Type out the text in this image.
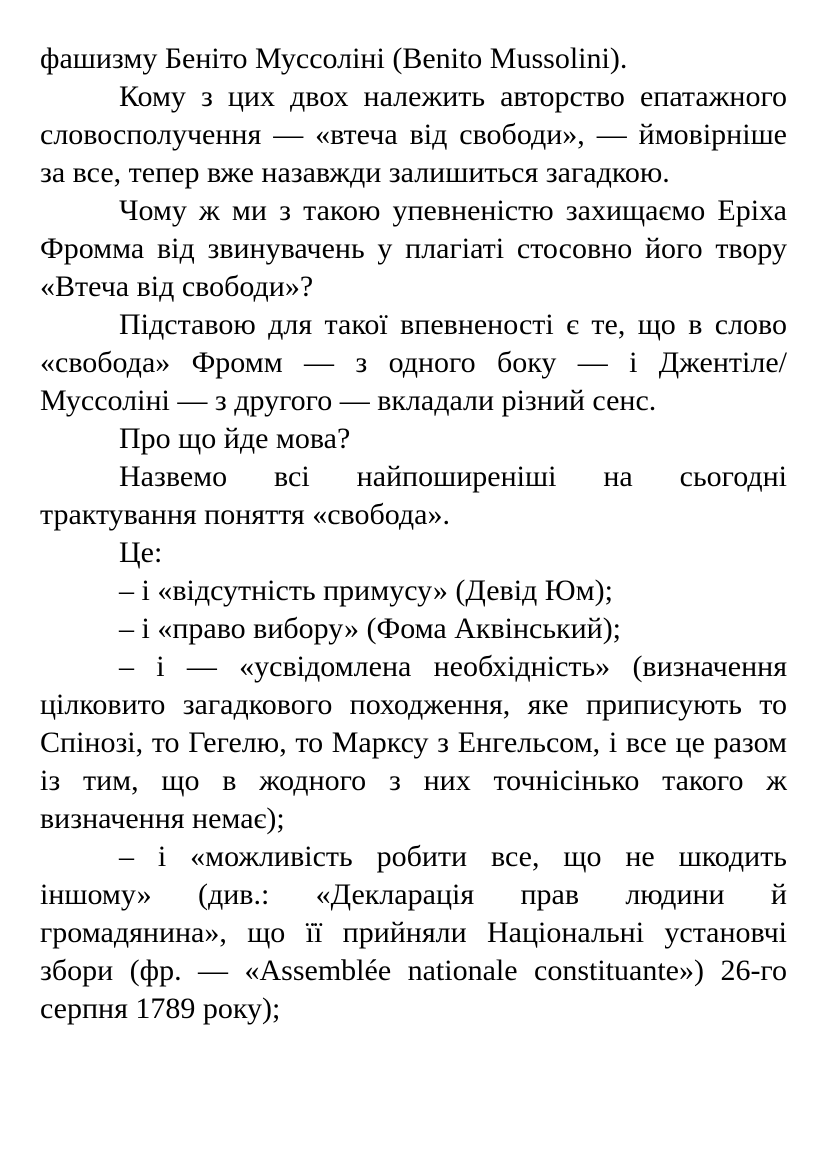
фашизму Беніто Муссоліні (Benito Mussolini).

Кому з цих двох належить авторство епатажного словосполучення — «втеча від свободи», — ймовірніше за все, тепер вже назавжди залишиться загадкою.

Чому ж ми з такою упевненістю захищаємо Еріха Фромма від звинувачень у плагіаті стосовно його твору «Втеча від свободи»?

Підставою для такої впевненості є те, що в слово «свобода» Фромм — з одного боку — і Джентіле/Муссоліні — з другого — вкладали різний сенс.

Про що йде мова?

Назвемо всі найпоширеніші на сьогодні трактування поняття «свобода».

Це:

– і «відсутність примусу» (Девід Юм);

– і «право вибору» (Фома Аквінський);

– і — «усвідомлена необхідність» (визначення цілковито загадкового походження, яке приписують то Спінозі, то Гегелю, то Марксу з Енгельсом, і все це разом із тим, що в жодного з них точнісінько такого ж визначення немає);

– і «можливість робити все, що не шкодить іншому» (див.: «Декларація прав людини й громадянина», що її прийняли Національні установчі збори (фр. — «Assemblée nationale constituante») 26-го серпня 1789 року);
